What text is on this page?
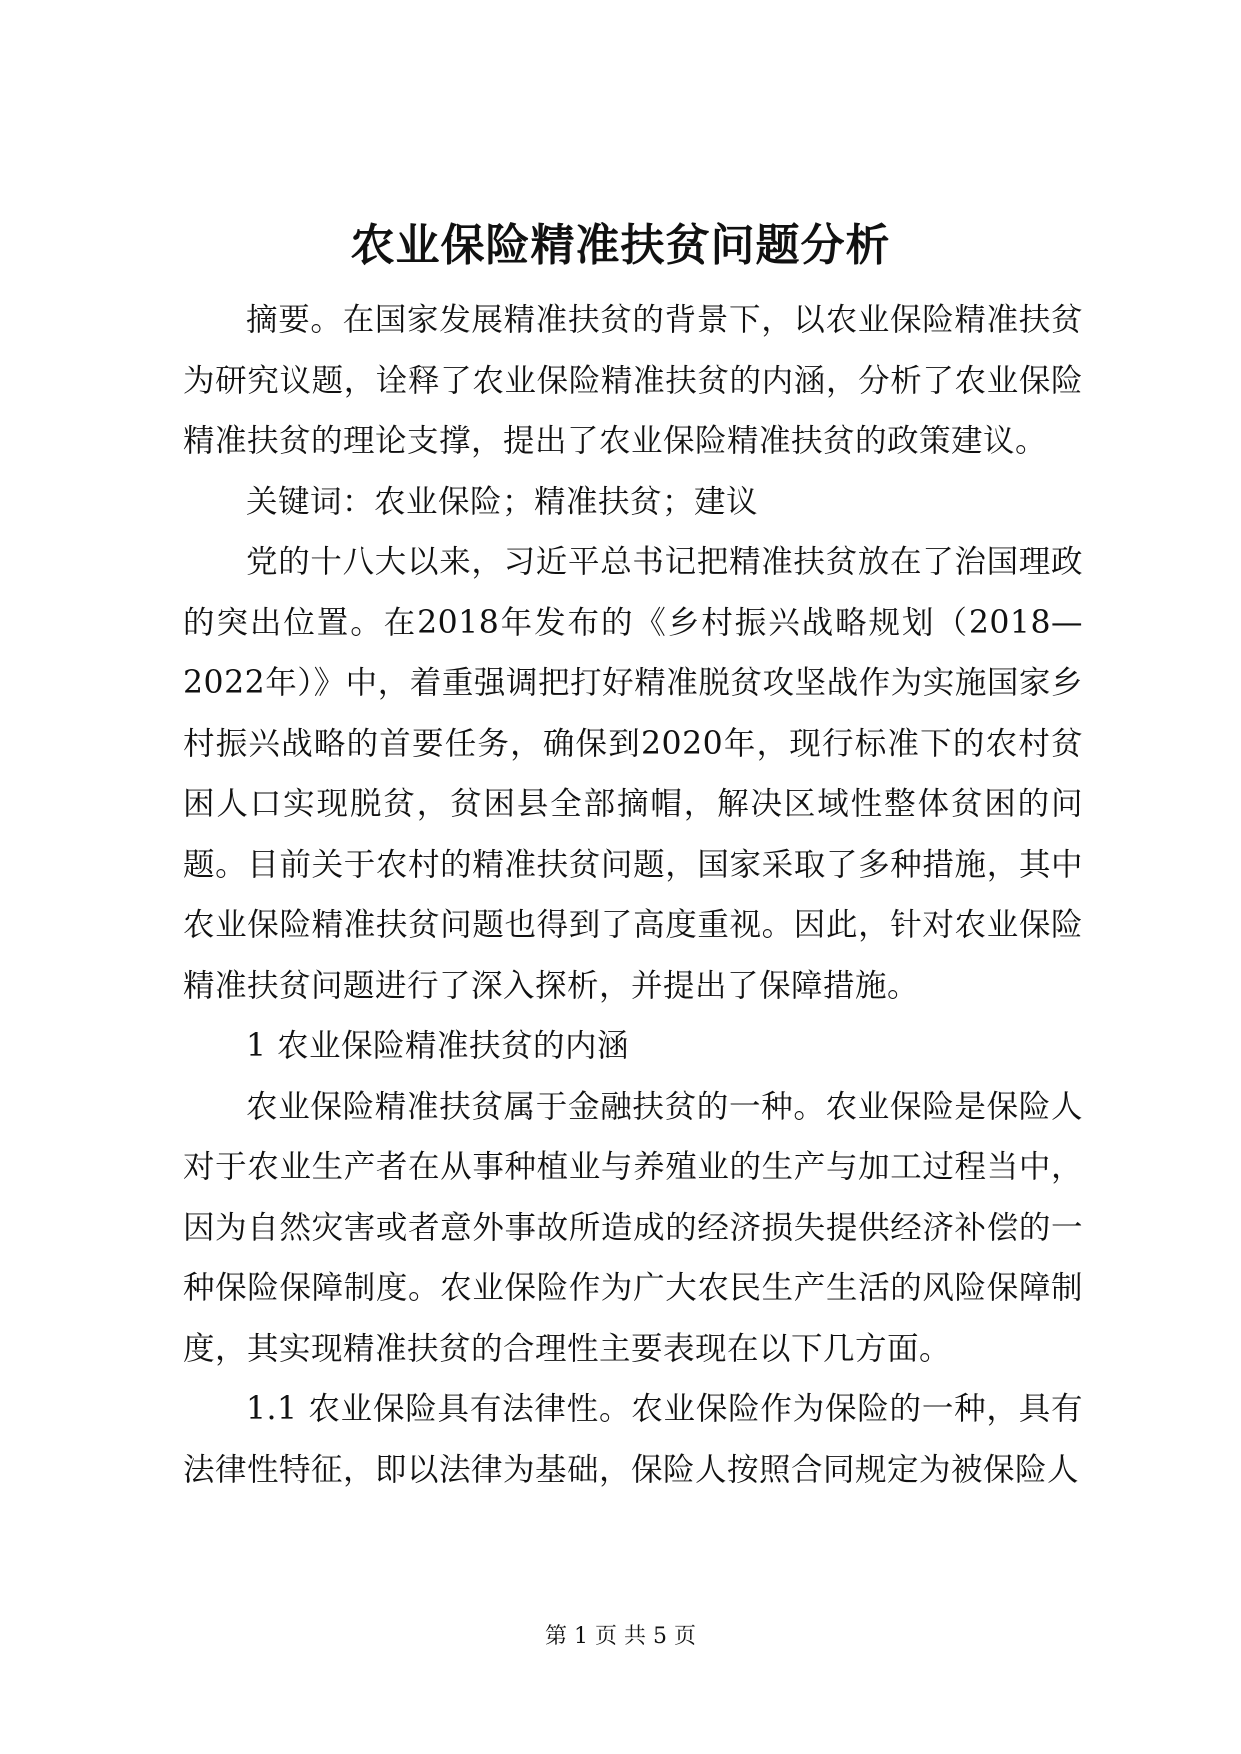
农业保险精准扶贫问题分析

摘要。在国家发展精准扶贫的背景下，以农业保险精准扶贫为研究议题，诠释了农业保险精准扶贫的内涵，分析了农业保险精准扶贫的理论支撑，提出了农业保险精准扶贫的政策建议。

关键词：农业保险；精准扶贫；建议

党的十八大以来，习近平总书记把精准扶贫放在了治国理政的突出位置。在2018年发布的《乡村振兴战略规划（2018—2022年）》中，着重强调把打好精准脱贫攻坚战作为实施国家乡村振兴战略的首要任务，确保到2020年，现行标准下的农村贫困人口实现脱贫，贫困县全部摘帽，解决区域性整体贫困的问题。目前关于农村的精准扶贫问题，国家采取了多种措施，其中农业保险精准扶贫问题也得到了高度重视。因此，针对农业保险精准扶贫问题进行了深入探析，并提出了保障措施。

1 农业保险精准扶贫的内涵

农业保险精准扶贫属于金融扶贫的一种。农业保险是保险人对于农业生产者在从事种植业与养殖业的生产与加工过程当中，因为自然灾害或者意外事故所造成的经济损失提供经济补偿的一种保险保障制度。农业保险作为广大农民生产生活的风险保障制度，其实现精准扶贫的合理性主要表现在以下几方面。

1.1 农业保险具有法律性。农业保险作为保险的一种，具有法律性特征，即以法律为基础，保险人按照合同规定为被保险人

第 1 页 共 5 页
